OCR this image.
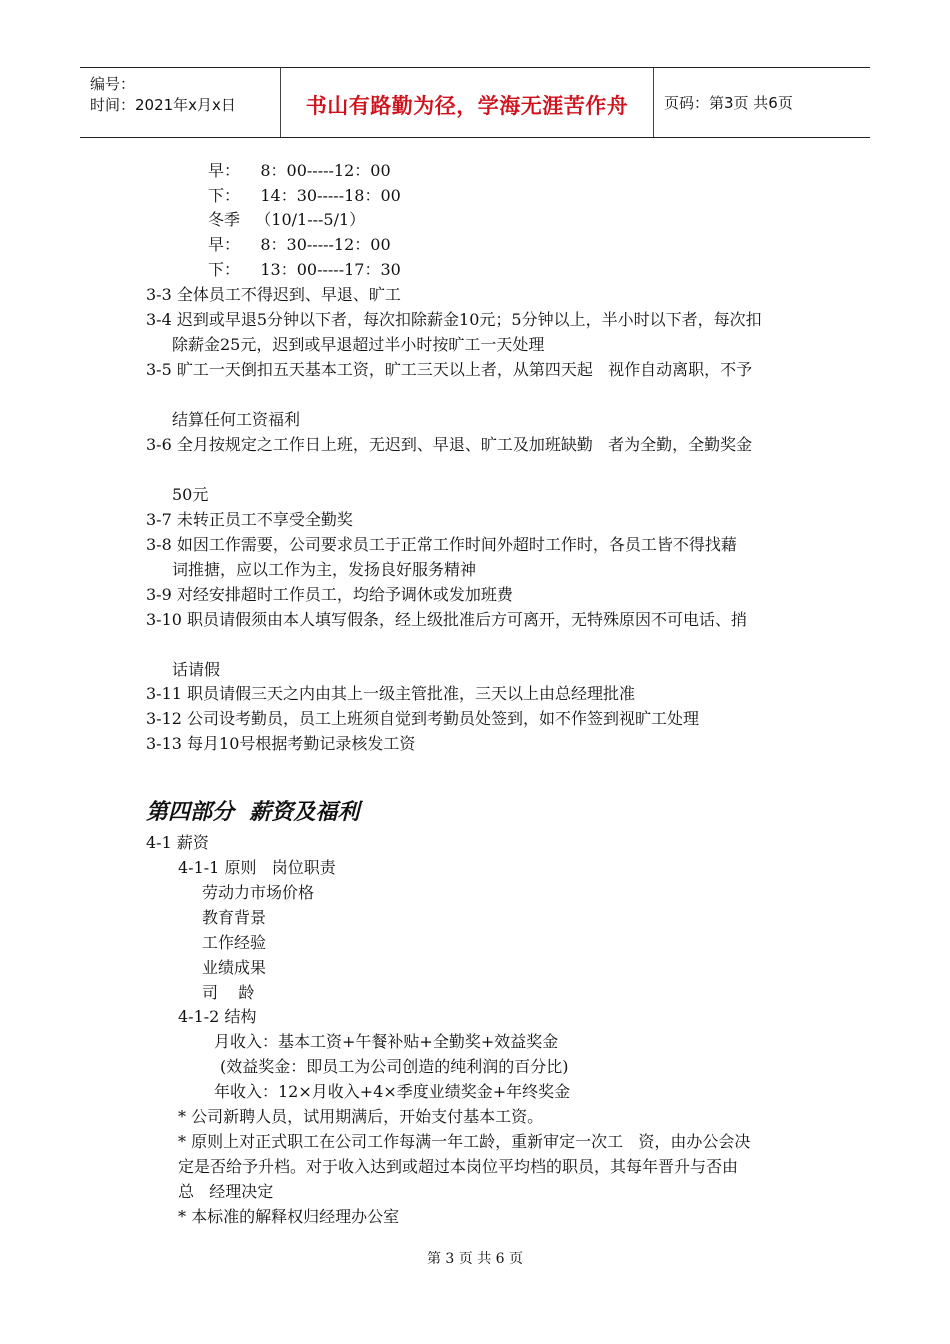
编号：
时间：2021年x月x日	书山有路勤为径，学海无涯苦作舟	页码：第3页 共6页
早：    8：00-----12：00
下：    14：30-----18：00
冬季   （10/1---5/1）
早：    8：30-----12：00
下：    13：00-----17：30
3-3 全体员工不得迟到、早退、旷工
3-4 迟到或早退5分钟以下者，每次扣除薪金10元；5分钟以上，半小时以下者，每次扣
除薪金25元，迟到或早退超过半小时按旷工一天处理
3-5 旷工一天倒扣五天基本工资，旷工三天以上者，从第四天起   视作自动离职，不予
结算任何工资福利
3-6 全月按规定之工作日上班，无迟到、早退、旷工及加班缺勤   者为全勤，全勤奖金
50元
3-7 未转正员工不享受全勤奖
3-8 如因工作需要，公司要求员工于正常工作时间外超时工作时，各员工皆不得找藉
词推搪，应以工作为主，发扬良好服务精神
3-9 对经安排超时工作员工，均给予调休或发加班费
3-10 职员请假须由本人填写假条，经上级批准后方可离开，无特殊原因不可电话、捎
话请假
3-11 职员请假三天之内由其上一级主管批准，三天以上由总经理批准
3-12 公司设考勤员，员工上班须自觉到考勤员处签到，如不作签到视旷工处理
3-13 每月10号根据考勤记录核发工资
第四部分  薪资及福利
4-1 薪资
4-1-1 原则   岗位职责
劳动力市场价格
教育背景
工作经验
业绩成果
司    龄
4-1-2 结构
月收入：基本工资+午餐补贴+全勤奖+效益奖金
(效益奖金：即员工为公司创造的纯利润的百分比)
年收入：12×月收入+4×季度业绩奖金+年终奖金
* 公司新聘人员，试用期满后，开始支付基本工资。
* 原则上对正式职工在公司工作每满一年工龄，重新审定一次工   资，由办公会决
定是否给予升档。对于收入达到或超过本岗位平均档的职员，其每年晋升与否由
总   经理决定
* 本标准的解释权归经理办公室
第 3 页 共 6 页
